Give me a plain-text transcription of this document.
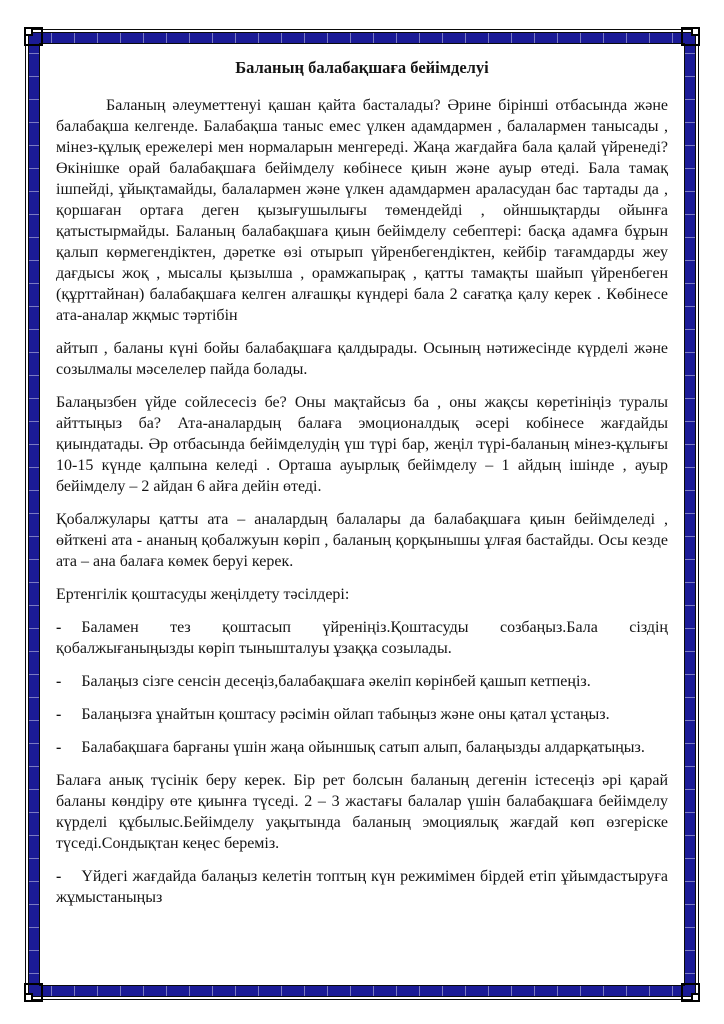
Баланың балабақшаға бейімделуі

Баланың әлеуметтенуі қашан қайта басталады? Әрине бірінші отбасында және балабақша келгенде. Балабақша таныс емес үлкен адамдармен , балалармен танысады , мінез-құлық ережелері мен нормаларын менгереді. Жаңа жағдайға бала қалай үйренеді? Өкінішке орай балабақшаға бейімделу көбінесе қиын және ауыр өтеді. Бала тамақ ішпейді, ұйықтамайды, балалармен және үлкен адамдармен араласудан бас тартады да , қоршаған ортаға деген қызығушылығы төмендейді , ойншықтарды ойынға қатыстырмайды. Баланың балабақшаға қиын бейімделу себептері: басқа адамға бұрын қалып көрмегендіктен, дәретке өзі отырып үйренбегендіктен, кейбір тағамдарды жеу дағдысы жоқ , мысалы қызылша , орамжапырақ , қатты тамақты шайып үйренбеген (құрттайнан) балабақшаға келген алғашқы күндері бала 2 сағатқа қалу керек . Көбінесе ата-аналар жқмыс тәртібін

айтып , баланы күні бойы балабақшаға қалдырады. Осының нәтижесінде күрделі және созылмалы мәселелер пайда болады.

Балаңызбен үйде сойлесесіз бе? Оны мақтайсыз ба , оны жақсы көретініңіз туралы айттыңыз ба? Ата-аналардың балаға эмоционалдық әсері кобінесе жағдайды қиындатады. Әр отбасында бейімделудің үш түрі бар, жеңіл түрі-баланың мінез-құлығы 10-15 күнде қалпына келеді . Орташа ауырлық бейімделу – 1 айдың ішінде , ауыр бейімделу – 2 айдан 6 айға дейін өтеді.

Қобалжулары қатты ата – аналардың балалары да балабақшаға қиын бейімделеді , өйткені ата - ананың қобалжуын көріп , баланың қорқынышы ұлғая бастайды. Осы кезде ата – ана балаға көмек беруі керек.

Ертенгілік қоштасуды жеңілдету тәсілдері:

- Баламен тез қоштасып үйреніңіз.Қоштасуды созбаңыз.Бала сіздің қобалжығаныңызды көріп тынышталуы ұзаққа созылады.

- Балаңыз сізге сенсін десеңіз,балабақшаға әкеліп көрінбей қашып кетпеңіз.

- Балаңызға ұнайтын қоштасу рәсімін ойлап табыңыз және оны қатал ұстаңыз.

- Балабақшаға барғаны үшін жаңа ойыншық сатып алып, балаңызды алдарқатыңыз.

Балаға анық түсінік беру керек. Бір рет болсын баланың дегенін істесеңіз әрі қарай баланы көндіру өте қиынға түседі. 2 – 3 жастағы балалар үшін балабақшаға бейімделу күрделі құбылыс.Бейімделу уақытында баланың эмоциялық жағдай көп өзгеріске түседі.Сондықтан кеңес береміз.

- Үйдегі жағдайда балаңыз келетін топтың күн режимімен бірдей етіп ұйымдастыруға жұмыстаныңыз
